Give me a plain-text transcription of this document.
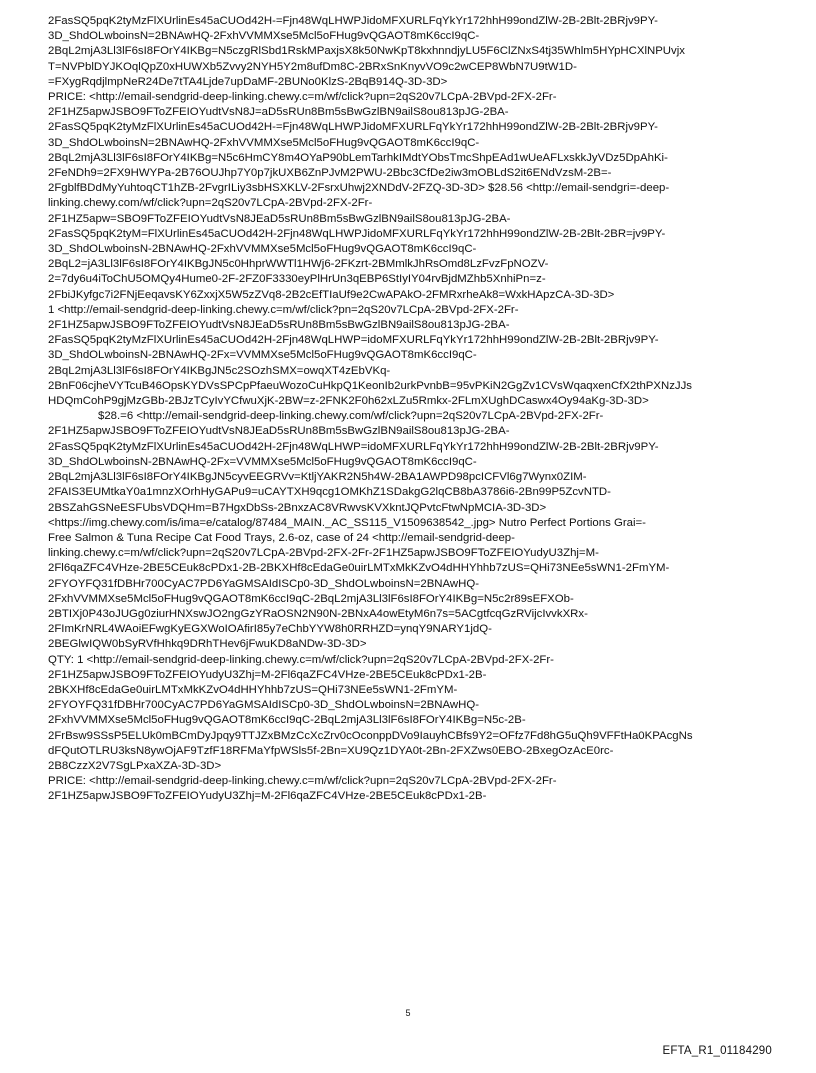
2FasSQ5pqK2tyMzFlXUrlinEs45aCUOd42H-=Fjn48WqLHWPJidoMFXURLFqYkYr172hhH99ondZlW-2B-2Blt-2BRjv9PY-
3D_ShdOLwboinsN=2BNAwHQ-2FxhVVMMXse5Mcl5oFHug9vQGAOT8mK6ccI9qC-
2BqL2mjA3Ll3lF6sI8FOrY4IKBg=N5czgRlSbd1RskMPaxjsX8k50NwKpT8kxhnndjyLU5F6ClZNxS4tj35Whlm5HYpHCXlNPUvjx
T=NVPblDYJKOqlQpZ0xHUWXb5Zvvy2NYH5Y2m8ufDm8C-2BRxSnKnyvVO9c2wCEP8WbN7U9tW1D-
=FXygRqdjlmpNeR24De7tTA4Ljde7upDaMF-2BUNo0KlzS-2BqB914Q-3D-3D>
PRICE: <http://email-sendgrid-deep-linking.chewy.c=m/wf/click?upn=2qS20v7LCpA-2BVpd-2FX-2Fr-
2F1HZ5apwJSBO9FToZFEIOYudtVsN8J=aD5sRUn8Bm5sBwGzlBN9ailS8ou813pJG-2BA-
2FasSQ5pqK2tyMzFlXUrlinEs45aCUOd42H-=Fjn48WqLHWPJidoMFXURLFqYkYr172hhH99ondZlW-2B-2Blt-2BRjv9PY-
3D_ShdOLwboinsN=2BNAwHQ-2FxhVVMMXse5Mcl5oFHug9vQGAOT8mK6ccI9qC-
2BqL2mjA3Ll3lF6sI8FOrY4IKBg=N5c6HmCY8m4OYaP90bLemTarhkIMdtYObsTmcShpEAd1wUeAFLxskkJyVDz5DpAhKi-
2FeNDh9=2FX9HWYPa-2B76OUJhp7Y0p7jkUXB6ZnPJvM2PWU-2Bbc3CfDe2iw3mOBLdS2it6ENdVzsM-2B=-
2FgblfBDdMyYuhtoqCT1hZB-2FvgrILiy3sbHSXKLV-2FsrxUhwj2XNDdV-2FZQ-3D-3D> $28.56 <http://email-sendgri=-deep-
linking.chewy.com/wf/click?upn=2qS20v7LCpA-2BVpd-2FX-2Fr-
2F1HZ5apw=SBO9FToZFEIOYudtVsN8JEaD5sRUn8Bm5sBwGzlBN9ailS8ou813pJG-2BA-
2FasSQ5pqK2tyM=FlXUrlinEs45aCUOd42H-2Fjn48WqLHWPJidoMFXURLFqYkYr172hhH99ondZlW-2B-2Blt-2BR=jv9PY-
3D_ShdOLwboinsN-2BNAwHQ-2FxhVVMMXse5Mcl5oFHug9vQGAOT8mK6ccI9qC-
2BqL2=jA3Ll3lF6sI8FOrY4IKBgJN5c0HhprWWTl1HWj6-2FKzrt-2BMmlkJhRsOmd8LzFvzFpNOZV-
2=7dy6u4iToChU5OMQy4Hume0-2F-2FZ0F3330eyPlHrUn3qEBP6StIyIY04rvBjdMZhb5XnhiPn=z-
2FbiJKyfgc7i2FNjEeqavsKY6ZxxjX5W5zZVq8-2B2cEfTIaUf9e2CwAPAkO-2FMRxrheAk8=WxkHApzCA-3D-3D>
1 <http://email-sendgrid-deep-linking.chewy.c=m/wf/click?pn=2qS20v7LCpA-2BVpd-2FX-2Fr-
2F1HZ5apwJSBO9FToZFEIOYudtVsN8JEaD5sRUn8Bm5sBwGzlBN9ailS8ou813pJG-2BA-
2FasSQ5pqK2tyMzFlXUrlinEs45aCUOd42H-2Fjn48WqLHWP=idoMFXURLFqYkYr172hhH99ondZlW-2B-2Blt-2BRjv9PY-
3D_ShdOLwboinsN-2BNAwHQ-2Fx=VVMMXse5Mcl5oFHug9vQGAOT8mK6ccI9qC-
2BqL2mjA3Ll3lF6sI8FOrY4IKBgJN5c2SOzhSMX=owqXT4zEbVKq-
2BnF06cjheVYTcuB46OpsKYDVsSPCpPfaeuWozoCuHkpQ1KeonIb2urkPvnbB=95vPKiN2GgZv1CVsWqaqxenCfX2thPXNzJJs
HDQmCohP9gjMzGBb-2BJzTCyIvYCfwuXjK-2BW=z-2FNK2F0h62xLZu5Rmkx-2FLmXUghDCaswx4Oy94aKg-3D-3D>
$28.=6 <http://email-sendgrid-deep-linking.chewy.com/wf/click?upn=2qS20v7LCpA-2BVpd-2FX-2Fr-
2F1HZ5apwJSBO9FToZFEIOYudtVsN8JEaD5sRUn8Bm5sBwGzlBN9ailS8ou813pJG-2BA-
2FasSQ5pqK2tyMzFlXUrlinEs45aCUOd42H-2Fjn48WqLHWP=idoMFXURLFqYkYr172hhH99ondZlW-2B-2Blt-2BRjv9PY-
3D_ShdOLwboinsN-2BNAwHQ-2Fx=VVMMXse5Mcl5oFHug9vQGAOT8mK6ccI9qC-
2BqL2mjA3Ll3lF6sI8FOrY4IKBgJN5cyvEEGRVv=KtljYAKR2N5h4W-2BA1AWPD98pcICFVl6g7Wynx0ZIM-
2FAIS3EUMtkaY0a1mnzXOrhHyGAPu9=uCAYTXH9qcg1OMKhZ1SDakgG2lqCB8bA3786i6-2Bn99P5ZcvNTD-
2BSZahGSNeESFUbsVDQHm=B7HgxDbSs-2BnxzAC8VRwvsKVXkntJQPvtcFtwNpMCIA-3D-3D>
<https://img.chewy.com/is/ima=e/catalog/87484_MAIN._AC_SS115_V1509638542_.jpg> Nutro Perfect Portions Grai=-
Free Salmon & Tuna Recipe Cat Food Trays, 2.6-oz, case of 24 <http://email-sendgrid-deep-
linking.chewy.c=m/wf/click?upn=2qS20v7LCpA-2BVpd-2FX-2Fr-2F1HZ5apwJSBO9FToZFEIOYudyU3Zhj=M-
2Fl6qaZFC4VHze-2BE5CEuk8cPDx1-2B-2BKXHf8cEdaGe0uirLMTxMkKZvO4dHHYhhb7zUS=QHi73NEe5sWN1-2FmYM-
2FYOYFQ31fDBHr700CyAC7PD6YaGMSAIdISCp0-3D_ShdOLwboinsN=2BNAwHQ-
2FxhVVMMXse5Mcl5oFHug9vQGAOT8mK6ccI9qC-2BqL2mjA3Ll3lF6sI8FOrY4IKBg=N5c2r89sEFXOb-
2BTIXj0P43oJUGg0ziurHNXswJO2ngGzYRaOSN2N90N-2BNxA4owEtyM6n7s=5ACgtfcqGzRVijcIvvkXRx-
2FImKrNRL4WAoiEFwgKyEGXWoIOAfirI85y7eChbYYW8h0RRHZD=ynqY9NARY1jdQ-
2BEGlwIQW0bSyRVfHhkq9DRhTHev6jFwuKD8aNDw-3D-3D>
QTY: 1 <http://email-sendgrid-deep-linking.chewy.c=m/wf/click?upn=2qS20v7LCpA-2BVpd-2FX-2Fr-
2F1HZ5apwJSBO9FToZFEIOYudyU3Zhj=M-2Fl6qaZFC4VHze-2BE5CEuk8cPDx1-2B-
2BKXHf8cEdaGe0uirLMTxMkKZvO4dHHYhhb7zUS=QHi73NEe5sWN1-2FmYM-
2FYOYFQ31fDBHr700CyAC7PD6YaGMSAIdISCp0-3D_ShdOLwboinsN=2BNAwHQ-
2FxhVVMMXse5Mcl5oFHug9vQGAOT8mK6ccI9qC-2BqL2mjA3Ll3lF6sI8FOrY4IKBg=N5c-2B-
2FrBsw9SSsP5ELUk0mBCmDyJpqy9TTJZxBMzCcXcZrv0cOconppDVo9IauyhCBfs9Y2=OFfz7Fd8hG5uQh9VFFtHa0KPAcgNs
dFQutOTLRU3ksN8ywOjAF9TzfF18RFMaYfpWSls5f-2Bn=XU9Qz1DYA0t-2Bn-2FXZws0EBO-2BxegOzAcE0rc-
2B8CzzX2V7SgLPxaXZA-3D-3D>
PRICE: <http://email-sendgrid-deep-linking.chewy.c=m/wf/click?upn=2qS20v7LCpA-2BVpd-2FX-2Fr-
2F1HZ5apwJSBO9FToZFEIOYudyU3Zhj=M-2Fl6qaZFC4VHze-2BE5CEuk8cPDx1-2B-
5
EFTA_R1_01184290
